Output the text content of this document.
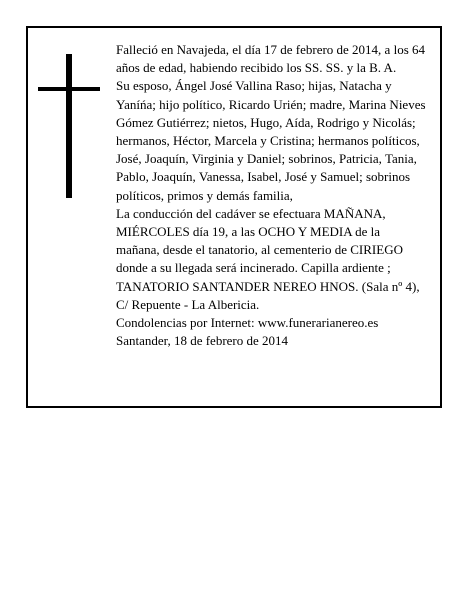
Falleció en Navajeda, el día 17 de febrero de 2014, a los 64 años de edad, habiendo recibido los SS. SS. y la B. A.

Su esposo, Ángel José Vallina Raso; hijas, Natacha y Yaníńa; hijo político, Ricardo Urién; madre, Marina Nieves Gómez Gutiérrez; nietos, Hugo, Aída, Rodrigo y Nicolás; hermanos, Héctor, Marcela y Cristina; hermanos políticos, José, Joaquín, Virginia y Daniel; sobrinos, Patricia, Tania, Pablo, Joaquín, Vanessa, Isabel, José y Samuel; sobrinos políticos, primos y demás familia,

La conducción del cadáver se efectuara MAÑANA, MIÉRCOLES día 19, a las OCHO Y MEDIA de la mañana, desde el tanatorio, al cementerio de CIRIEGO donde a su llegada será incinerado. Capilla ardiente ; TANATORIO SANTANDER NEREO HNOS. (Sala nº 4), C/ Repuente - La Albericia.

Condolencias por Internet: www.funerarianereo.es

Santander, 18 de febrero de 2014
